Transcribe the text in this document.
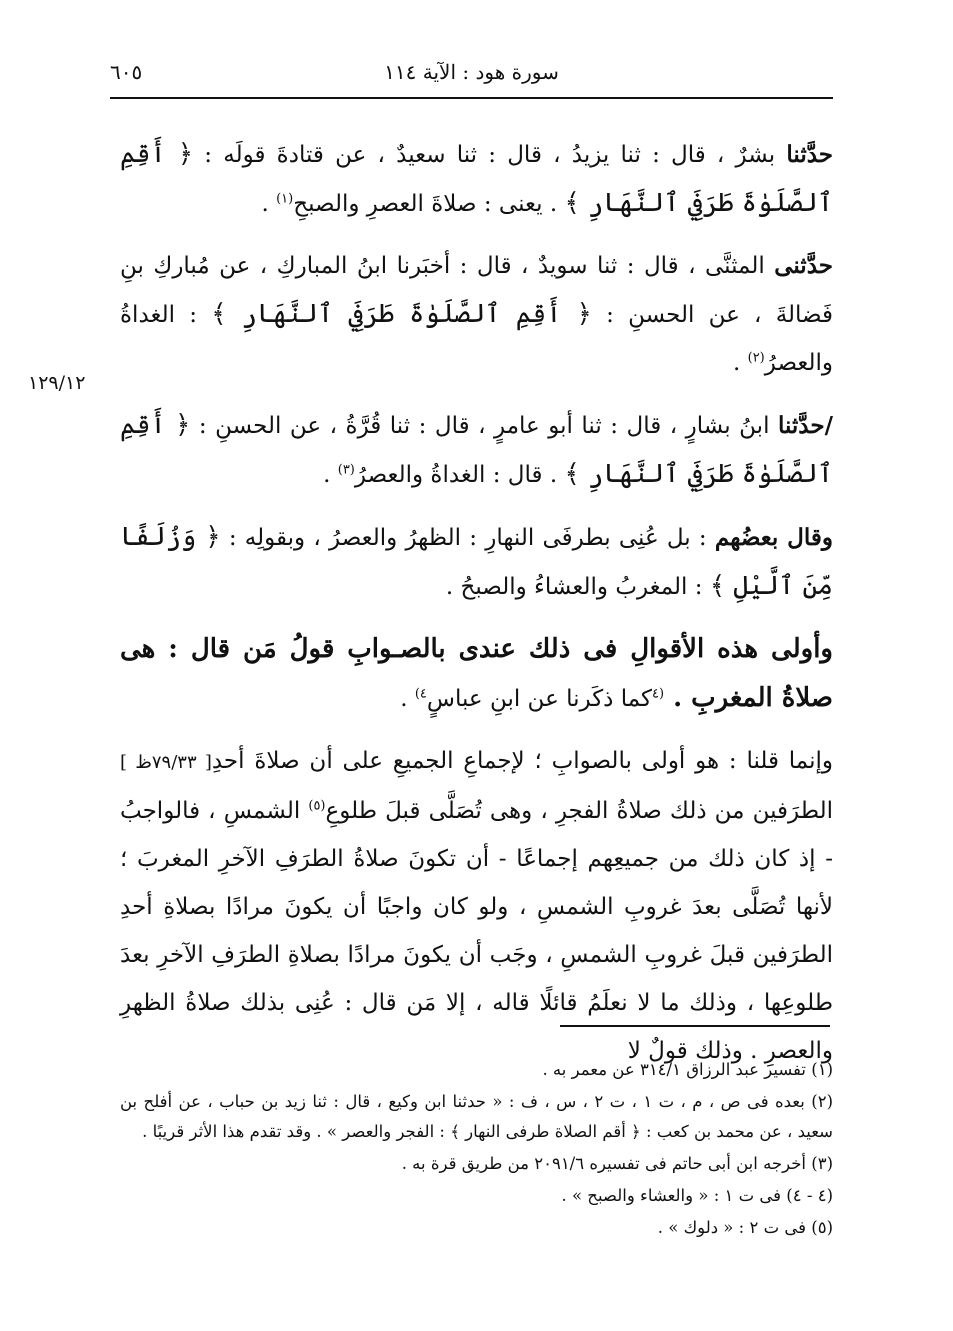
سورة هود : الآية ١١٤
٦٠٥
١٢٩/١٢

حدَّثنا بشرٌ ، قال : ثنا يزيدُ ، قال : ثنا سعيدٌ ، عن قتادةَ قولَه : ﴿ أَقِمِ ٱلصَّلَوٰةَ طَرَفَيِ ٱلنَّهَارِ ﴾ . يعنى : صلاةَ العصرِ والصبحِ$^{(١)}$ .

حدَّثنى المثنَّى ، قال : ثنا سويدٌ ، قال : أخبَرنا ابنُ المباركِ ، عن مُباركِ بنِ فَضالةَ ، عن الحسنِ : ﴿ أَقِمِ ٱلصَّلَوٰةَ طَرَفَيِ ٱلنَّهَارِ ﴾ : الغداةُ والعصرُ$^{(٢)}$ .

/حدَّثنا ابنُ بشارٍ ، قال : ثنا أبو عامرٍ ، قال : ثنا قُرَّةُ ، عن الحسنِ : ﴿ أَقِمِ ٱلصَّلَوٰةَ طَرَفَيِ ٱلنَّهَارِ ﴾ . قال : الغداةُ والعصرُ$^{(٣)}$ .

وقال بعضُهم : بل عُنِى بطرفَى النهارِ : الظهرُ والعصرُ ، وبقولِه : ﴿ وَزُلَفًا مِّنَ ٱلَّيْلِ ﴾ : المغربُ والعشاءُ والصبحُ .

وأولى هذه الأقوالِ فى ذلك عندى بالصـوابِ قولُ مَن قال : هى صلاةُ المغربِ . $^{(٤}$كما ذكَرنا عن ابنِ عباسٍ$^{٤)}$ .

وإنما قلنا : هو أولى بالصوابِ ؛ لإجماعِ الجميعِ على أن صلاةَ أحدِ[ ٧٩/٣٣ظ ] الطرَفين من ذلك صلاةُ الفجرِ ، وهى تُصَلَّى قبلَ طلوعِ$^{(٥)}$ الشمسِ ، فالواجبُ - إذ كان ذلك من جميعِهم إجماعًا - أن تكونَ صلاةُ الطرَفِ الآخرِ المغربَ ؛ لأنها تُصَلَّى بعدَ غروبِ الشمسِ ، ولو كان واجبًا أن يكونَ مرادًا بصلاةِ أحدِ الطرَفين قبلَ غروبِ الشمسِ ، وجَب أن يكونَ مرادًا بصلاةِ الطرَفِ الآخرِ بعدَ طلوعِها ، وذلك ما لا نعلَمُ قائلًا قاله ، إلا مَن قال : عُنِى بذلك صلاةُ الظهرِ والعصرِ . وذلك قولٌ لا

(١) تفسير عبد الرزاق ٣١٤/١ عن معمر به .

(٢) بعده فى ص ، م ، ت ١ ، ت ٢ ، س ، ف : « حدثنا ابن وكيع ، قال : ثنا زيد بن حباب ، عن أفلح بن سعيد ، عن محمد بن كعب : ﴿ أقم الصلاة طرفى النهار ﴾ : الفجر والعصر » . وقد تقدم هذا الأثر قريبًا .

(٣) أخرجه ابن أبى حاتم فى تفسيره ٢٠٩١/٦ من طريق قرة به .

(٤ - ٤) فى ت ١ : « والعشاء والصبح » .

(٥) فى ت ٢ : « دلوك » .
